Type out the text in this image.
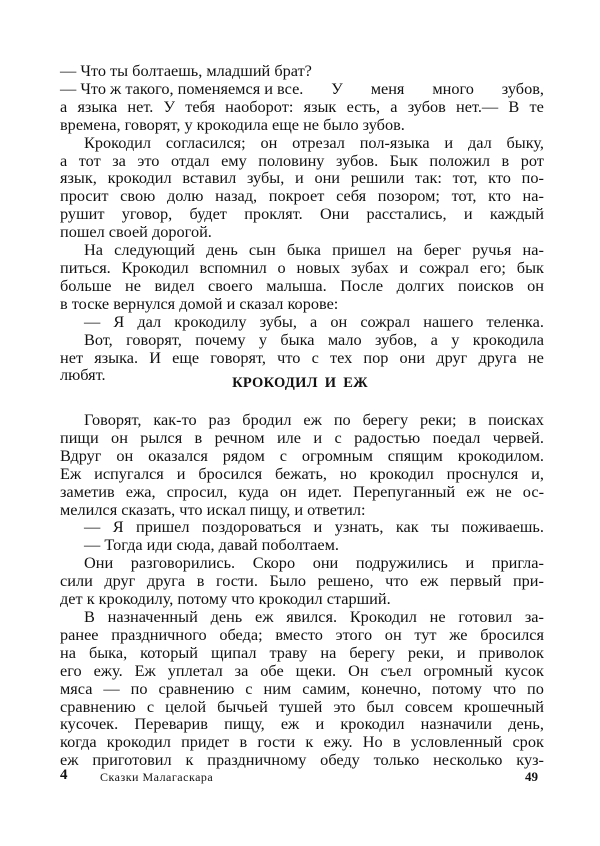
— Что ты болтаешь, младший брат?
— Что ж такого, поменяемся и все. У меня много зубов,
а языка нет. У тебя наоборот: язык есть, а зубов нет.— В те
времена, говорят, у крокодила еще не было зубов.
Крокодил согласился; он отрезал пол-языка и дал быку,
а тот за это отдал ему половину зубов. Бык положил в рот
язык, крокодил вставил зубы, и они решили так: тот, кто по-
просит свою долю назад, покроет себя позором; тот, кто на-
рушит уговор, будет проклят. Они расстались, и каждый
пошел своей дорогой.
На следующий день сын быка пришел на берег ручья на-
питься. Крокодил вспомнил о новых зубах и сожрал его; бык
больше не видел своего малыша. После долгих поисков он
в тоске вернулся домой и сказал корове:
— Я дал крокодилу зубы, а он сожрал нашего теленка.
Вот, говорят, почему у быка мало зубов, а у крокодила
нет языка. И еще говорят, что с тех пор они друг друга не
любят.	КРОКОДИЛ И ЕЖ
Говорят, как-то раз бродил еж по берегу реки; в поисках
пищи он рылся в речном иле и с радостью поедал червей.
Вдруг он оказался рядом с огромным спящим крокодилом.
Еж испугался и бросился бежать, но крокодил проснулся и,
заметив ежа, спросил, куда он идет. Перепуганный еж не ос-
мелился сказать, что искал пищу, и ответил:
— Я пришел поздороваться и узнать, как ты поживаешь.
— Тогда иди сюда, давай поболтаем.
Они разговорились. Скоро они подружились и пригла-
сили друг друга в гости. Было решено, что еж первый при-
дет к крокодилу, потому что крокодил старший.
В назначенный день еж явился. Крокодил не готовил за-
ранее праздничного обеда; вместо этого он тут же бросился
на быка, который щипал траву на берегу реки, и приволок
его ежу. Еж уплетал за обе щеки. Он съел огромный кусок
мяса — по сравнению с ним самим, конечно, потому что по
сравнению с целой бычьей тушей это был совсем крошечный
кусочек. Переварив пищу, еж и крокодил назначили день,
когда крокодил придет в гости к ежу. Но в условленный срок
еж приготовил к праздничному обеду только несколько куз-
4	Сказки Малагаскара	49
